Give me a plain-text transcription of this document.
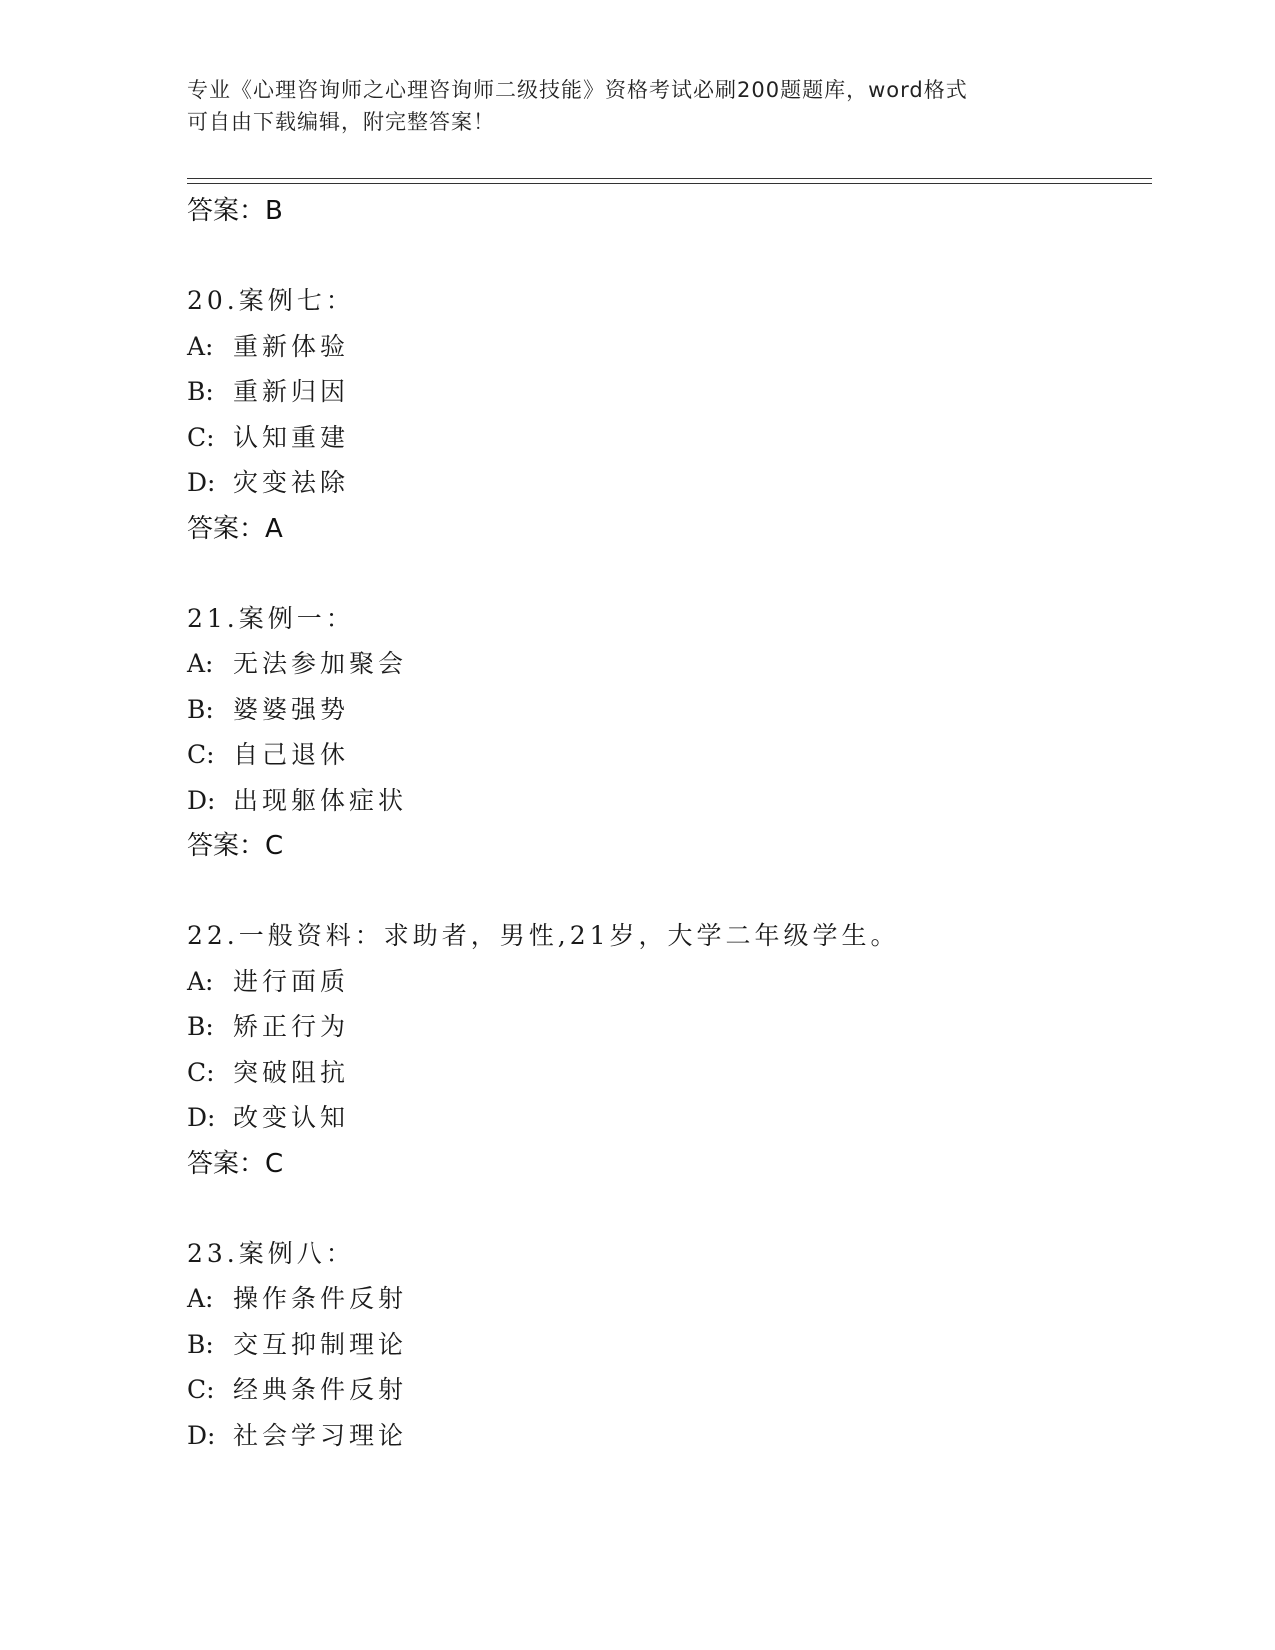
专业《心理咨询师之心理咨询师二级技能》资格考试必刷200题题库，word格式
可自由下载编辑，附完整答案！
答案：B
20.案例七：
A: 重新体验
B: 重新归因
C: 认知重建
D: 灾变祛除
答案：A
21.案例一：
A: 无法参加聚会
B: 婆婆强势
C: 自己退休
D: 出现躯体症状
答案：C
22.一般资料：求助者，男性,21岁，大学二年级学生。
A: 进行面质
B: 矫正行为
C: 突破阻抗
D: 改变认知
答案：C
23.案例八：
A: 操作条件反射
B: 交互抑制理论
C: 经典条件反射
D: 社会学习理论
